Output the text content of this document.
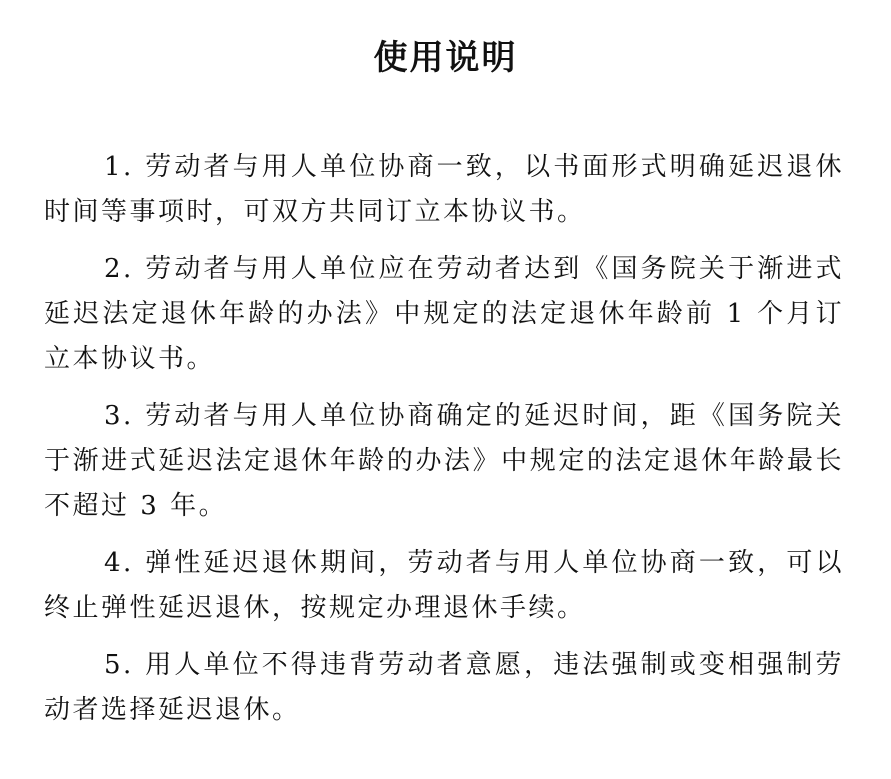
使用说明

1. 劳动者与用人单位协商一致，以书面形式明确延迟退休时间等事项时，可双方共同订立本协议书。

2. 劳动者与用人单位应在劳动者达到《国务院关于渐进式延迟法定退休年龄的办法》中规定的法定退休年龄前 1 个月订立本协议书。

3. 劳动者与用人单位协商确定的延迟时间，距《国务院关于渐进式延迟法定退休年龄的办法》中规定的法定退休年龄最长不超过 3 年。

4. 弹性延迟退休期间，劳动者与用人单位协商一致，可以终止弹性延迟退休，按规定办理退休手续。

5. 用人单位不得违背劳动者意愿，违法强制或变相强制劳动者选择延迟退休。
